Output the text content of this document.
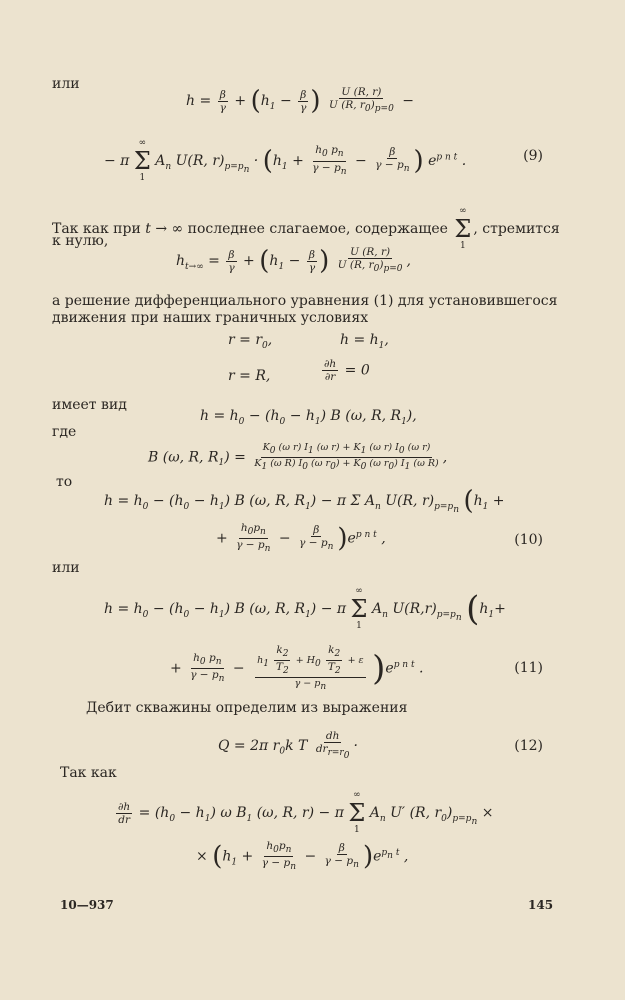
или
$h = \frac{\beta}{\gamma} + (h_1 - \frac{\beta}{\gamma}$ ) $\frac{U (R, r)}{U (R, r_0)_{p=0}}$ −
− π
∞
Σ
1
$A_n$ U(R, $r)_{p=p_n} \cdot (h_1 + \frac{h_0 p_n}{\gamma - p_n} - \frac{\beta}{\gamma - p_n}$ ) $e^{p n t}$ .	(9)
Так как при t → ∞ последнее слагаемое, содержащее
∞
Σ
1
, стремится
к нулю,
$h_{t\to\infty} = \frac{\beta}{\gamma} + (h_1 - \frac{\beta}{\gamma}$ ) $\frac{U (R, r)}{U (R, r_0)_{p=0}}$ ,
а решение дифференциального уравнения (1) для установившегося
движения при наших граничных условиях
$r = r_0$,	$h = h_1$,
r = R,	$\frac{\partial h}{\partial r} = 0$
имеет вид
$h = h_0 - (h_0 - h_1)$ B (ω, R, $R_1$),
где
B (ω, R, $R_1) = \frac{K_0 (\omega r) I_1 (\omega r) + K_1 (\omega r) I_0 (\omega r)}{K_1 (\omega R) I_0 (\omega r_0) + K_0 (\omega r_0) I_1 (\omega R)}$ ,
то
$h = h_0 - (h_0 - h_1)$ B (ω, R, $R_1) - \pi$ Σ $A_n$ U(R, $r)_{p=p_n}$ ($h_1$ +
+ $\frac{h_0p_n}{\gamma - p_n} - \frac{\beta}{\gamma - p_n} )e^{p n t}$ ,	(10)
или
$h = h_0 - (h_0 - h_1)$ B (ω, R, $R_1) - \pi$
∞
Σ
1
$A_n$ $U(R,r)_{p=p_n}$ ($h_1+$
+ $\frac{h_0 p_n}{\gamma - p_n} - \frac{h_1 \frac{k_2}{T_2} + H_0 \frac{k_2}{T_2} + \varepsilon}{\gamma - p_n} )e^{p n t}$ .	(11)
Дебит скважины определим из выражения
Q = 2π $r_0k$ T $\frac{dh}{dr_{r=r_0}}$ ·	(12)
Так как
$\frac{\partial h}{dr} = (h_0 - h_1)$ ω $B_1$ (ω, R, r) − π
∞
Σ
1
$A_n$ U′ (R, $r_0)_{p=p_n}$ ×
× $(h_1 + \frac{h_0p_n}{\gamma - p_n} - \frac{\beta}{\gamma - p_n} )e^{p_n t}$ ,
10—937	145
